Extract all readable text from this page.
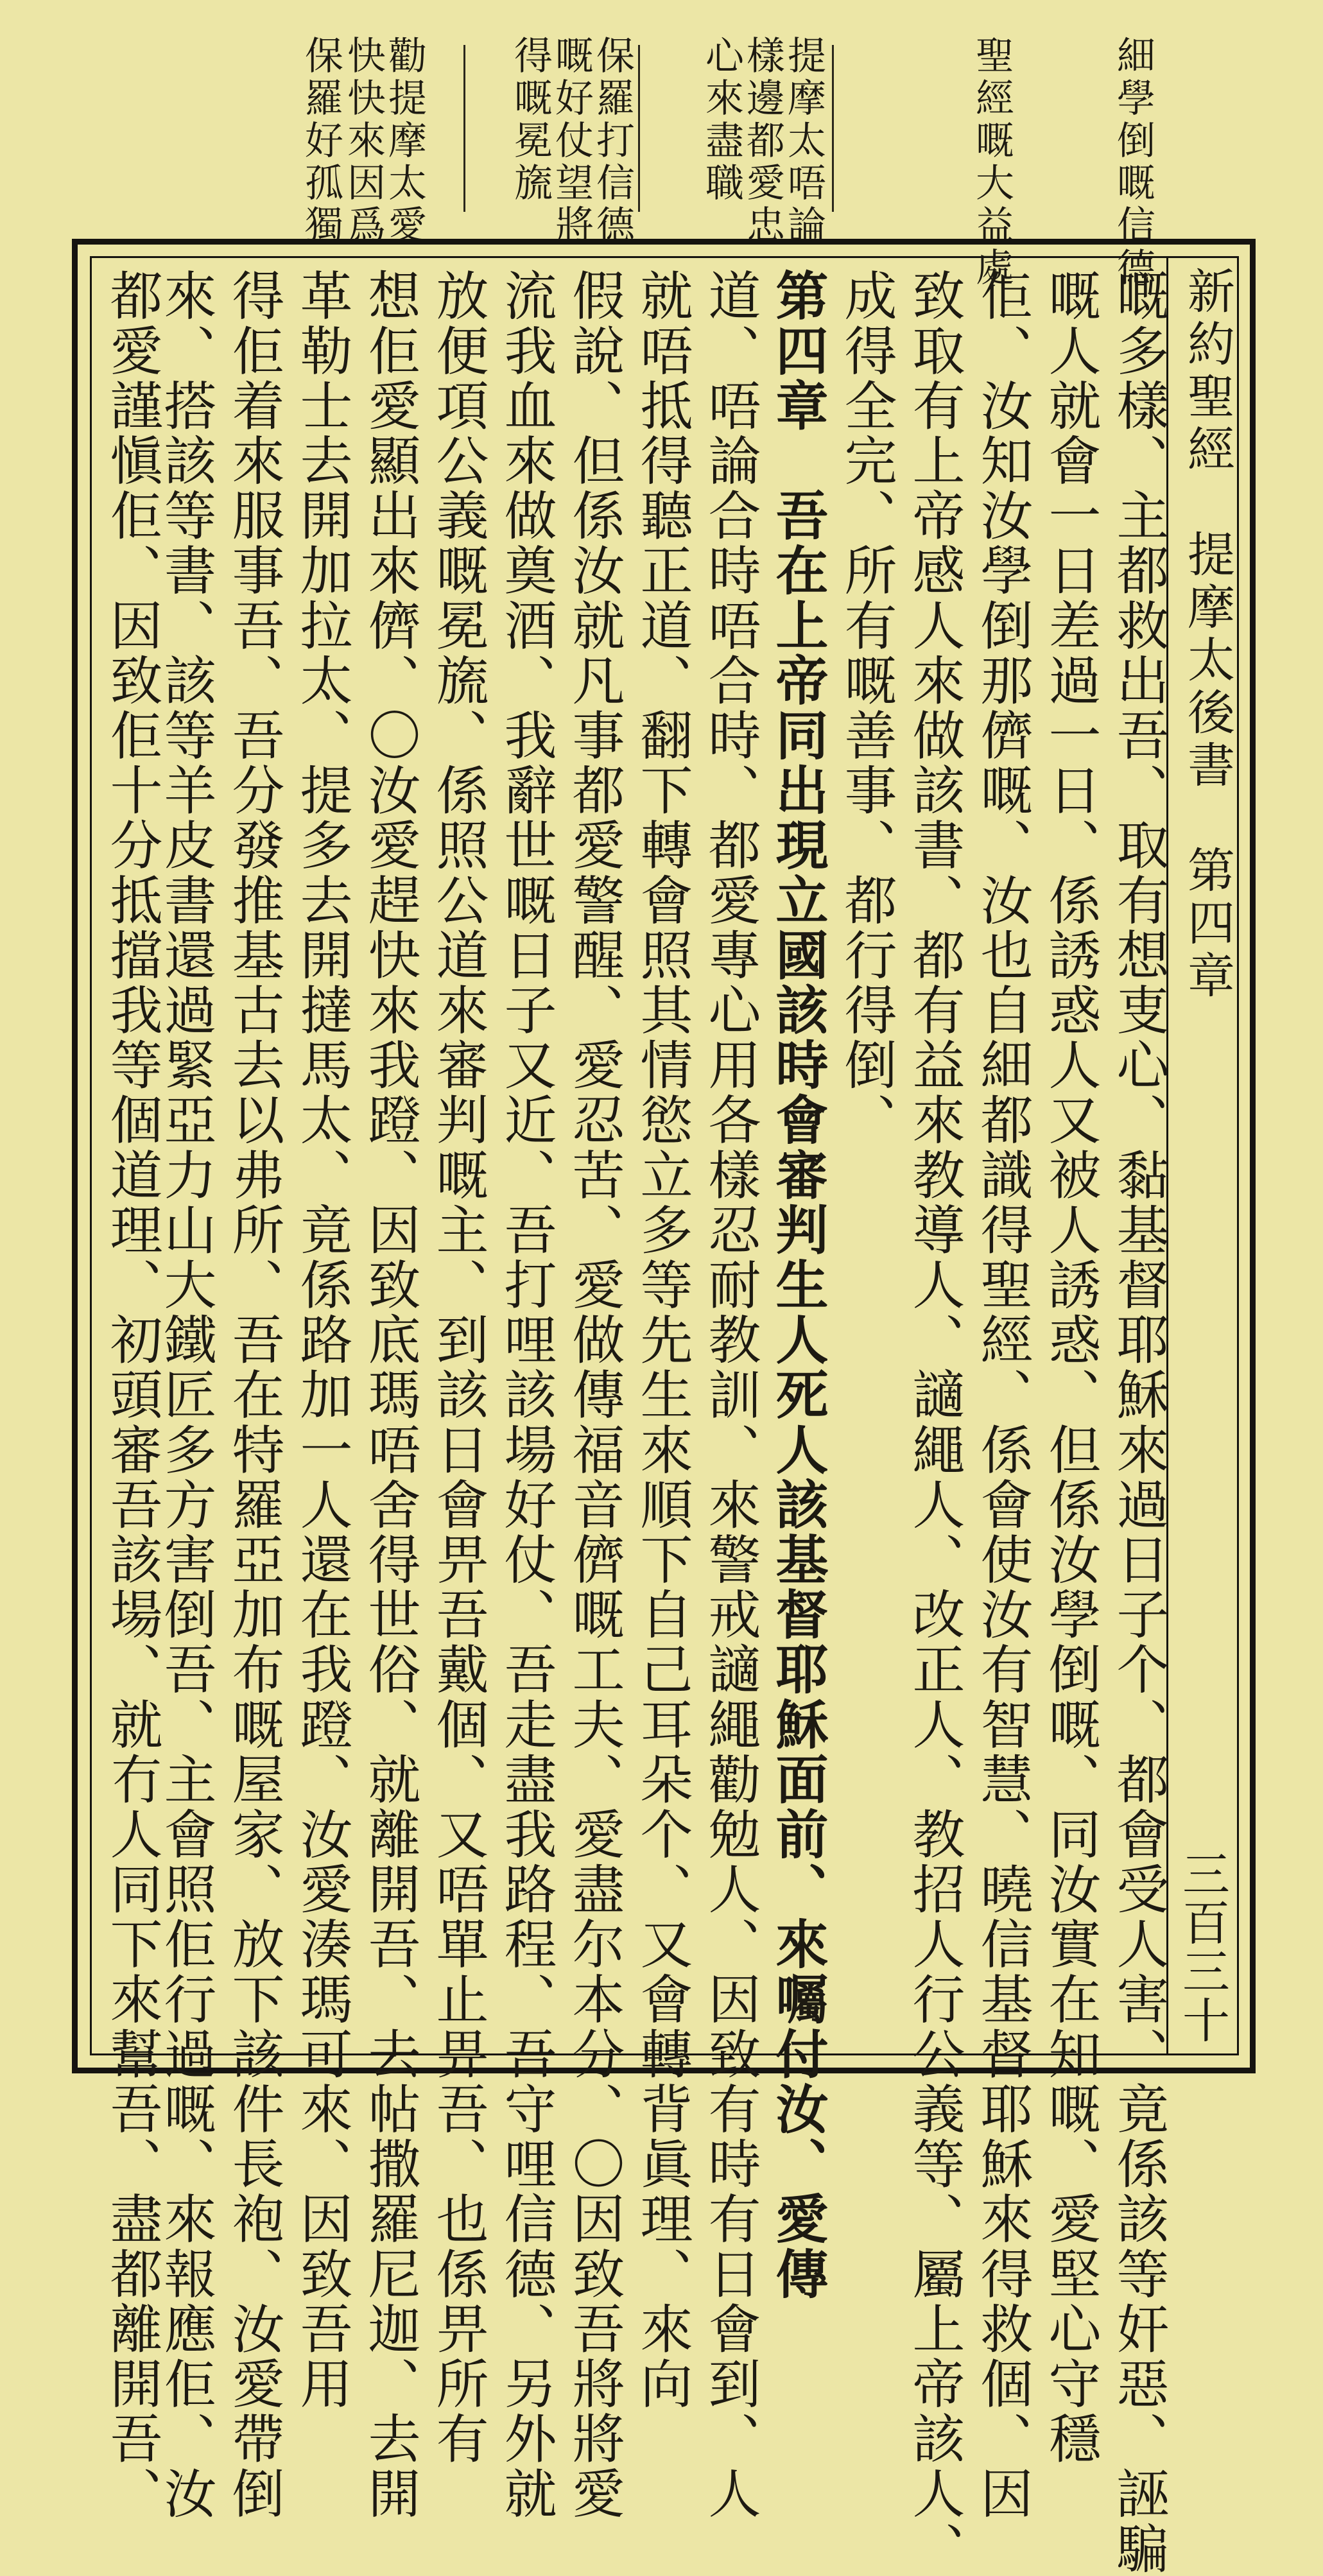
細學倒嘅信德
聖經嘅大益處
提摩太唔論
樣邊都愛忠
心來盡職
保羅打信德
嘅好仗望將
得嘅冕旒
勸提摩太愛
快快來因爲
保羅好孤獨
新約聖經　提摩太後書　第四章
三百三十
嘅多樣、主都救出吾、取有想叓心、黏基督耶穌來過日子个、都會受人害、竟係該等奸惡、誣騙
嘅人就會一日差過一日、係誘惑人又被人誘惑、但係汝學倒嘅、同汝實在知嘅、愛堅心守穩
佢、汝知汝學倒那儕嘅、汝也自細都識得聖經、係會使汝有智慧、曉信基督耶穌來得救個、因
致取有上帝感人來做該書、都有益來教導人、讁繩人、改正人、教招人行公義等、屬上帝該人、
成得全完、所有嘅善事、都行得倒、
第四章　吾在上帝同出現立國該時會審判生人死人該基督耶穌面前、來囑付汝、愛傳
道、唔論合時唔合時、都愛專心用各樣忍耐教訓、來警戒讁繩勸勉人、因致有時有日會到、人
就唔抵得聽正道、翻下轉會照其情慾立多等先生來順下自己耳朵个、又會轉背眞理、來向
假說、但係汝就凡事都愛警醒、愛忍苦、愛做傳福音儕嘅工夫、愛盡尔本分、〇因致吾將將愛
流我血來做奠酒、我辭世嘅日子又近、吾打哩該場好仗、吾走盡我路程、吾守哩信德、另外就
放便項公義嘅冕旒、係照公道來審判嘅主、到該日會畀吾戴個、又唔單止畀吾、也係畀所有
想佢愛顯出來儕、〇汝愛趕快來我蹬、因致底瑪唔舍得世俗、就離開吾、去帖撒羅尼迦、去開
革勒士去開加拉太、提多去開撻馬太、竟係路加一人還在我蹬、汝愛湊瑪可來、因致吾用
得佢着來服事吾、吾分發推基古去以弗所、吾在特羅亞加布嘅屋家、放下該件長袍、汝愛帶倒
來、搭該等書、該等羊皮書還過緊亞力山大鐵匠多方害倒吾、主會照佢行過嘅、來報應佢、汝
都愛謹愼佢、因致佢十分抵擋我等個道理、初頭審吾該場、就冇人同下來幫吾、盡都離開吾、
